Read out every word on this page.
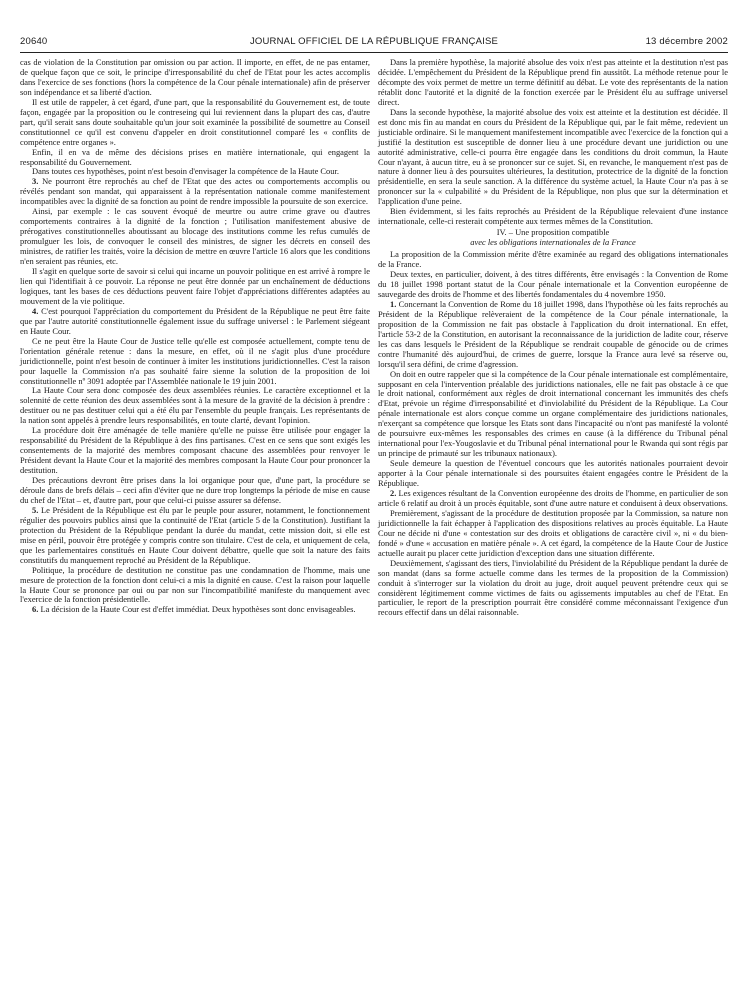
20640	JOURNAL OFFICIEL DE LA RÉPUBLIQUE FRANÇAISE	13 décembre 2002

cas de violation de la Constitution par omission ou par action. Il importe, en effet, de ne pas entamer, de quelque façon que ce soit, le principe d'irresponsabilité du chef de l'Etat pour les actes accomplis dans l'exercice de ses fonctions (hors la compétence de la Cour pénale internationale) afin de préserver son indépendance et sa liberté d'action.

Il est utile de rappeler, à cet égard, d'une part, que la responsabilité du Gouvernement est, de toute façon, engagée par la proposition ou le contreseing qui lui reviennent dans la plupart des cas, d'autre part, qu'il serait sans doute souhaitable qu'un jour soit examinée la possibilité de soumettre au Conseil constitutionnel ce qu'il est convenu d'appeler en droit constitutionnel comparé les « conflits de compétence entre organes ».

Enfin, il en va de même des décisions prises en matière internationale, qui engagent la responsabilité du Gouvernement.

Dans toutes ces hypothèses, point n'est besoin d'envisager la compétence de la Haute Cour.

3. Ne pourront être reprochés au chef de l'Etat que des actes ou comportements accomplis ou révélés pendant son mandat, qui apparaissent à la représentation nationale comme manifestement incompatibles avec la dignité de sa fonction au point de rendre impossible la poursuite de son exercice.

Ainsi, par exemple : le cas souvent évoqué de meurtre ou autre crime grave ou d'autres comportements contraires à la dignité de la fonction ; l'utilisation manifestement abusive de prérogatives constitutionnelles aboutissant au blocage des institutions comme les refus cumulés de promulguer les lois, de convoquer le conseil des ministres, de signer les décrets en conseil des ministres, de ratifier les traités, voire la décision de mettre en œuvre l'article 16 alors que les conditions n'en seraient pas réunies, etc.

Il s'agit en quelque sorte de savoir si celui qui incarne un pouvoir politique en est arrivé à rompre le lien qui l'identifiait à ce pouvoir. La réponse ne peut être donnée par un enchaînement de déductions logiques, tant les bases de ces déductions peuvent faire l'objet d'appréciations différentes adaptées au mouvement de la vie politique.

4. C'est pourquoi l'appréciation du comportement du Président de la République ne peut être faite que par l'autre autorité constitutionnelle également issue du suffrage universel : le Parlement siégeant en Haute Cour.

Ce ne peut être la Haute Cour de Justice telle qu'elle est composée actuellement, compte tenu de l'orientation générale retenue : dans la mesure, en effet, où il ne s'agit plus d'une procédure juridictionnelle, point n'est besoin de continuer à imiter les institutions juridictionnelles. C'est la raison pour laquelle la Commission n'a pas souhaité faire sienne la solution de la proposition de loi constitutionnelle nº 3091 adoptée par l'Assemblée nationale le 19 juin 2001.

La Haute Cour sera donc composée des deux assemblées réunies. Le caractère exceptionnel et la solennité de cette réunion des deux assemblées sont à la mesure de la gravité de la décision à prendre : destituer ou ne pas destituer celui qui a été élu par l'ensemble du peuple français. Les représentants de la nation sont appelés à prendre leurs responsabilités, en toute clarté, devant l'opinion.

La procédure doit être aménagée de telle manière qu'elle ne puisse être utilisée pour engager la responsabilité du Président de la République à des fins partisanes. C'est en ce sens que sont exigés les consentements de la majorité des membres composant chacune des assemblées pour renvoyer le Président devant la Haute Cour et la majorité des membres composant la Haute Cour pour prononcer la destitution.

Des précautions devront être prises dans la loi organique pour que, d'une part, la procédure se déroule dans de brefs délais – ceci afin d'éviter que ne dure trop longtemps la période de mise en cause du chef de l'Etat – et, d'autre part, pour que celui-ci puisse assurer sa défense.

5. Le Président de la République est élu par le peuple pour assurer, notamment, le fonctionnement régulier des pouvoirs publics ainsi que la continuité de l'Etat (article 5 de la Constitution). Justifiant la protection du Président de la République pendant la durée du mandat, cette mission doit, si elle est mise en péril, pouvoir être protégée y compris contre son titulaire. C'est de cela, et uniquement de cela, que les parlementaires constitués en Haute Cour doivent débattre, quelle que soit la nature des faits constitutifs du manquement reproché au Président de la République.

Politique, la procédure de destitution ne constitue pas une condamnation de l'homme, mais une mesure de protection de la fonction dont celui-ci a mis la dignité en cause. C'est la raison pour laquelle la Haute Cour se prononce par oui ou par non sur l'incompatibilité manifeste du manquement avec l'exercice de la fonction présidentielle.

6. La décision de la Haute Cour est d'effet immédiat. Deux hypothèses sont donc envisageables.

Dans la première hypothèse, la majorité absolue des voix n'est pas atteinte et la destitution n'est pas décidée. L'empêchement du Président de la République prend fin aussitôt. La méthode retenue pour le décompte des voix permet de mettre un terme définitif au débat. Le vote des représentants de la nation rétablit donc l'autorité et la dignité de la fonction exercée par le Président élu au suffrage universel direct.

Dans la seconde hypothèse, la majorité absolue des voix est atteinte et la destitution est décidée. Il est donc mis fin au mandat en cours du Président de la République qui, par le fait même, redevient un justiciable ordinaire. Si le manquement manifestement incompatible avec l'exercice de la fonction qui a justifié la destitution est susceptible de donner lieu à une procédure devant une juridiction ou une autorité administrative, celle-ci pourra être engagée dans les conditions du droit commun, la Haute Cour n'ayant, à aucun titre, eu à se prononcer sur ce sujet. Si, en revanche, le manquement n'est pas de nature à donner lieu à des poursuites ultérieures, la destitution, protectrice de la dignité de la fonction présidentielle, en sera la seule sanction. A la différence du système actuel, la Haute Cour n'a pas à se prononcer sur la « culpabilité » du Président de la République, non plus que sur la détermination et l'application d'une peine.

Bien évidemment, si les faits reprochés au Président de la République relevaient d'une instance internationale, celle-ci resterait compétente aux termes mêmes de la Constitution.

IV. – Une proposition compatible
avec les obligations internationales de la France

La proposition de la Commission mérite d'être examinée au regard des obligations internationales de la France.

Deux textes, en particulier, doivent, à des titres différents, être envisagés : la Convention de Rome du 18 juillet 1998 portant statut de la Cour pénale internationale et la Convention européenne de sauvegarde des droits de l'homme et des libertés fondamentales du 4 novembre 1950.

1. Concernant la Convention de Rome du 18 juillet 1998, dans l'hypothèse où les faits reprochés au Président de la République relèveraient de la compétence de la Cour pénale internationale, la proposition de la Commission ne fait pas obstacle à l'application du droit international. En effet, l'article 53-2 de la Constitution, en autorisant la reconnaissance de la juridiction de ladite cour, réserve les cas dans lesquels le Président de la République se rendrait coupable de génocide ou de crimes contre l'humanité dès aujourd'hui, de crimes de guerre, lorsque la France aura levé sa réserve ou, lorsqu'il sera défini, de crime d'agression.

On doit en outre rappeler que si la compétence de la Cour pénale internationale est complémentaire, supposant en cela l'intervention préalable des juridictions nationales, elle ne fait pas obstacle à ce que le droit national, conformément aux règles de droit international concernant les immunités des chefs d'Etat, prévoie un régime d'irresponsabilité et d'inviolabilité du Président de la République. La Cour pénale internationale est alors conçue comme un organe complémentaire des juridictions nationales, n'exerçant sa compétence que lorsque les Etats sont dans l'incapacité ou n'ont pas manifesté la volonté de poursuivre eux-mêmes les responsables des crimes en cause (à la différence du Tribunal pénal international pour l'ex-Yougoslavie et du Tribunal pénal international pour le Rwanda qui sont régis par un principe de primauté sur les tribunaux nationaux).

Seule demeure la question de l'éventuel concours que les autorités nationales pourraient devoir apporter à la Cour pénale internationale si des poursuites étaient engagées contre le Président de la République.

2. Les exigences résultant de la Convention européenne des droits de l'homme, en particulier de son article 6 relatif au droit à un procès équitable, sont d'une autre nature et conduisent à deux observations.

Premièrement, s'agissant de la procédure de destitution proposée par la Commission, sa nature non juridictionnelle la fait échapper à l'application des dispositions relatives au procès équitable. La Haute Cour ne décide ni d'une « contestation sur des droits et obligations de caractère civil », ni « du bien-fondé » d'une « accusation en matière pénale ». A cet égard, la compétence de la Haute Cour de Justice actuelle aurait pu placer cette juridiction d'exception dans une situation différente.

Deuxièmement, s'agissant des tiers, l'inviolabilité du Président de la République pendant la durée de son mandat (dans sa forme actuelle comme dans les termes de la proposition de la Commission) conduit à s'interroger sur la violation du droit au juge, droit auquel peuvent prétendre ceux qui se considèrent légitimement comme victimes de faits ou agissements imputables au chef de l'Etat. En particulier, le report de la prescription pourrait être considéré comme méconnaissant l'exigence d'un recours effectif dans un délai raisonnable.
